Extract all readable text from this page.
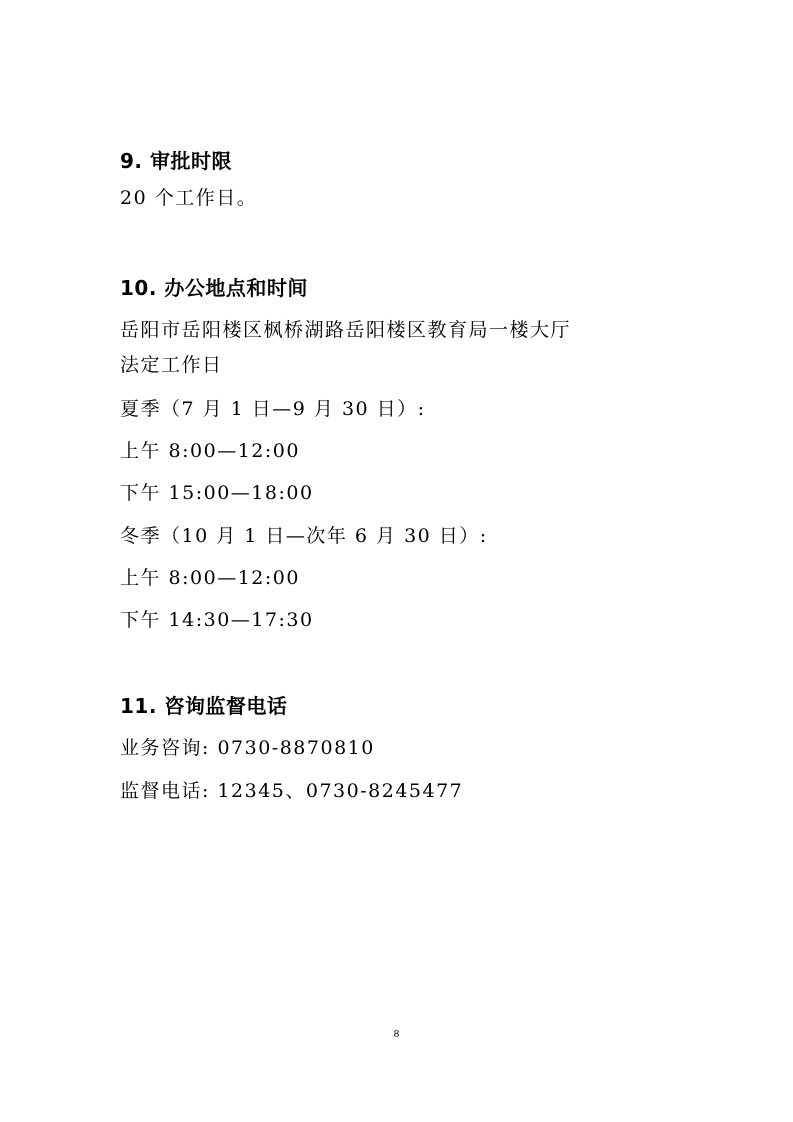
9. 审批时限
20 个工作日。
10. 办公地点和时间
岳阳市岳阳楼区枫桥湖路岳阳楼区教育局一楼大厅
法定工作日
夏季（7 月 1 日—9 月 30 日）:
上午 8:00—12:00
下午 15:00—18:00
冬季（10 月 1 日—次年 6 月 30 日）:
上午 8:00—12:00
下午 14:30—17:30
11. 咨询监督电话
业务咨询: 0730-8870810
监督电话: 12345、0730-8245477
8
